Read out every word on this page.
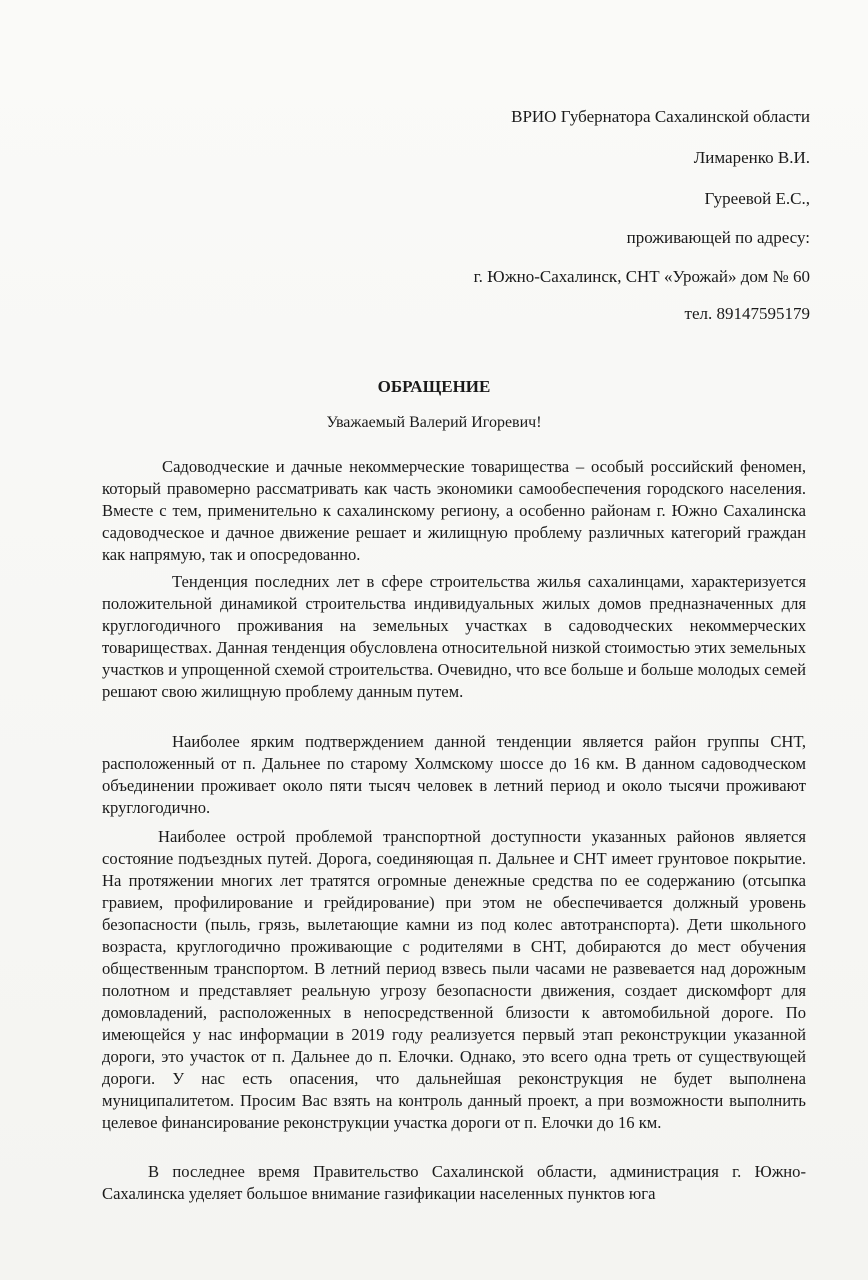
ВРИО Губернатора Сахалинской области
Лимаренко В.И.
Гуреевой Е.С.,
проживающей по адресу:
г. Южно-Сахалинск, СНТ «Урожай» дом № 60
тел. 89147595179
ОБРАЩЕНИЕ
Уважаемый Валерий Игоревич!
Садоводческие и дачные некоммерческие товарищества – особый российский феномен, который правомерно рассматривать как часть экономики самообеспечения городского населения. Вместе с тем, применительно к сахалинскому региону, а особенно районам г. Южно Сахалинска садоводческое и дачное движение решает и жилищную проблему различных категорий граждан как напрямую, так и опосредованно.
Тенденция последних лет в сфере строительства жилья сахалинцами, характеризуется положительной динамикой строительства индивидуальных жилых домов предназначенных для круглогодичного проживания на земельных участках в садоводческих некоммерческих товариществах. Данная тенденция обусловлена относительной низкой стоимостью этих земельных участков и упрощенной схемой строительства. Очевидно, что все больше и больше молодых семей решают свою жилищную проблему данным путем.
Наиболее ярким подтверждением данной тенденции является район группы СНТ, расположенный от п. Дальнее по старому Холмскому шоссе до 16 км. В данном садоводческом объединении проживает около пяти тысяч человек в летний период и около тысячи проживают круглогодично.
Наиболее острой проблемой транспортной доступности указанных районов является состояние подъездных путей. Дорога, соединяющая п. Дальнее и СНТ имеет грунтовое покрытие. На протяжении многих лет тратятся огромные денежные средства по ее содержанию (отсыпка гравием, профилирование и грейдирование) при этом не обеспечивается должный уровень безопасности (пыль, грязь, вылетающие камни из под колес автотранспорта). Дети школьного возраста, круглогодично проживающие с родителями в СНТ, добираются до мест обучения общественным транспортом. В летний период взвесь пыли часами не развевается над дорожным полотном и представляет реальную угрозу безопасности движения, создает дискомфорт для домовладений, расположенных в непосредственной близости к автомобильной дороге. По имеющейся у нас информации в 2019 году реализуется первый этап реконструкции указанной дороги, это участок от п. Дальнее до п. Елочки. Однако, это всего одна треть от существующей дороги. У нас есть опасения, что дальнейшая реконструкция не будет выполнена муниципалитетом. Просим Вас взять на контроль данный проект, а при возможности выполнить целевое финансирование реконструкции участка дороги от п. Елочки до 16 км.
В последнее время Правительство Сахалинской области, администрация г. Южно-Сахалинска уделяет большое внимание газификации населенных пунктов юга
